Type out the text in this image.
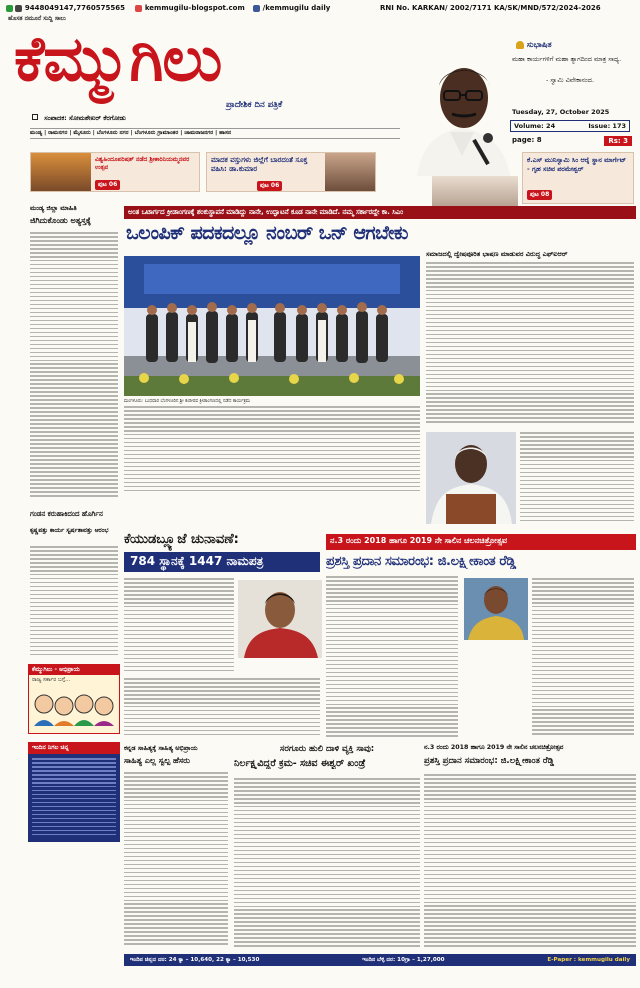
9448049147,7760575565	kemmugilu-blogspot.com	/kemmugilu daily
ಹೊಸತ ನಮೂನೆ ಸುದ್ದಿ ಸಾಲು
ಕೆಮ್ಮುಗಿಲು
ಪ್ರಾದೇಶಿಕ ದಿನ ಪತ್ರಿಕೆ
ಸಂಪಾದಕ: ಸೋಮಶೇಖರ್ ಕೆರಗೋಡು
ಮಂಡ್ಯ | ರಾಮನಗರ | ಮೈಸೂರು | ಬೆಂಗಳೂರು ನಗರ | ಬೆಂಗಳೂರು ಗ್ರಾಮಾಂತರ | ಚಾಮರಾಜನಗರ | ಹಾಸನ
RNI No. KARKAN/ 2002/7171 KA/SK/MND/572/2024-2026
ಸುಭಾಷಿತ
ಮಹಾ ಕಾರ್ಯಗಳಿಗೆ ಮಹಾ ತ್ಯಾಗದಿಂದ ಮಾತ್ರ ಸಾಧ್ಯ.
- ಸ್ವಾಮಿ ವಿವೇಕಾನಂದ.
Tuesday, 27, October 2025
Volume: 24	Issue: 173
page: 8	Rs: 3
ವಿಶ್ವಹಿಂದೂಪರಿಷತ್ ನಡೆದ ಶ್ರೀಕಾರಿನಿಯಮ್ಮನವರ ಉತ್ಸವ
ಪುಟ 06
ಮಾದಕ ವಸ್ತುಗಳು ಜಿಲ್ಲೆಗೆ ಬಾರದಂತೆ ಸೂಕ್ತ ವಹಿಸಿ: ಡಾ.ಕುಮಾರ
ಪುಟ 06
ಕೆ.ಎಸ್ ಮುನಿಸ್ವಾಮಿ ಸಿಂ ಆರೈ ಸ್ಥಾನ ಮಾರ್ಗೆಟ್ - ಗೃಹ ಸಚಿವ ಪರಮೇಶ್ವರ್
ಪುಟ 08
ಮಂಡ್ಯ ಜಿಲ್ಲಾ ಮಾಹಿತಿ
ಜಿಗಿದುಕೊಂಡು ಅತ್ಯಸ್ತಕೈ
ಗಂಡನ ಕರುಹಾಕಿದಂದ ಹೊರ್ಗಿನ
ಕೃಷ್ಣಪತ್ತು ಕಾರ್ಯ ಸ್ವರ್ಷತಾವತ್ತು ಆರಂಭ
ಕೆಮ್ಮುಗಿಲು - ಅಭಿಪ್ರಾಯ
ರಾಜ್ಯ ಸರ್ಕಾರ ಬಗ್ಗೆ...
ಇಂದಿನ ನಿಗಲ ಚಿನ್ನ
ಅಂತ ಒಟಾರ್ಗದ ಕ್ರೀಡಾಂಗಣಕ್ಕೆ ಶಂಕುಸ್ಥಾಪನೆ ಮಾಡಿದ್ದು ನಾನೇ, ಉದ್ಘಾಟನೆ ಕೂಡ ನಾನೇ ಮಾಡಿದೆ. ನಮ್ಮ ಸರ್ಕಾರದ್ದೇ ಕಾ. ಸಿಎಂ
ಒಲಂಪಿಕ್ ಪದಕದಲ್ಲೂ ನಂಬರ್ ಒನ್ ಆಗಬೇಕು
ಮಂಗಳೂರು: ಬುಧವಾರ ಬೆಂಗಳೂರಿನ ಶ್ರೀ ಕಂಠೀರವ ಕ್ರೀಡಾಂಗಣದಲ್ಲಿ ನಡೆದ ಕಾರ್ಯಕ್ರಮ
ಸಮಾಜದಲ್ಲಿ ದ್ವೇಷಪೂರಿತ ಭಾಷಣ ಮಾಡುವರ ವಿರುದ್ಧ ಎಫ್ಐಆರ್
ಕೆಯುಡಬ್ಲ್ಯೂಜೆ ಚುನಾವಣೆ:
784 ಸ್ಥಾನಕ್ಕೆ 1447 ನಾಮಪತ್ರ
ನ.3 ರಂದು 2018 ಹಾಗೂ 2019 ನೇ ಸಾಲಿನ ಚಲನಚಿತ್ರೋತ್ಸವ
ಪ್ರಶಸ್ತಿ ಪ್ರದಾನ ಸಮಾರಂಭ: ಜಿ.ಲಕ್ಷ್ಮೀಕಾಂತ ರೆಡ್ಡಿ
ಕನ್ನಡ ಸಾಹಿತ್ಯಕ್ಕೆ ಸಾಹಿತ್ಯ ಅಭಿಪ್ರಾಯ
ಸಾಹಿತ್ಯ ಎಲ್ಲ ಸ್ವಲ್ಪ ಹೆಸರು
ಸರಗೂರು ಹುಲಿ ದಾಳಿ ವ್ಯಕ್ತಿ ಸಾವು:
ನಿರ್ಲಕ್ಷ್ಯವಿದ್ದರೆ ಕ್ರಮ- ಸಚಿವ ಈಶ್ವರ್ ಖಂಡ್ರೆ
ನ.3 ರಂದು 2018 ಹಾಗೂ 2019 ನೇ ಸಾಲಿನ ಚಲನಚಿತ್ರೋತ್ಸವ
ಪ್ರಶಸ್ತಿ ಪ್ರದಾನ ಸಮಾರಂಭ: ಜಿ.ಲಕ್ಷ್ಮೀಕಾಂತ ರೆಡ್ಡಿ
ಇಂದಿನ ಚಿನ್ನದ ದರ: 24 ಕ್ಯಾ – 10,640, 22 ಕ್ಯಾ – 10,530	ಇಂದಿನ ಬೆಳ್ಳಿ ದರ: 10ಗ್ರಾ – 1,27,000	E-Paper : kemmugilu daily
